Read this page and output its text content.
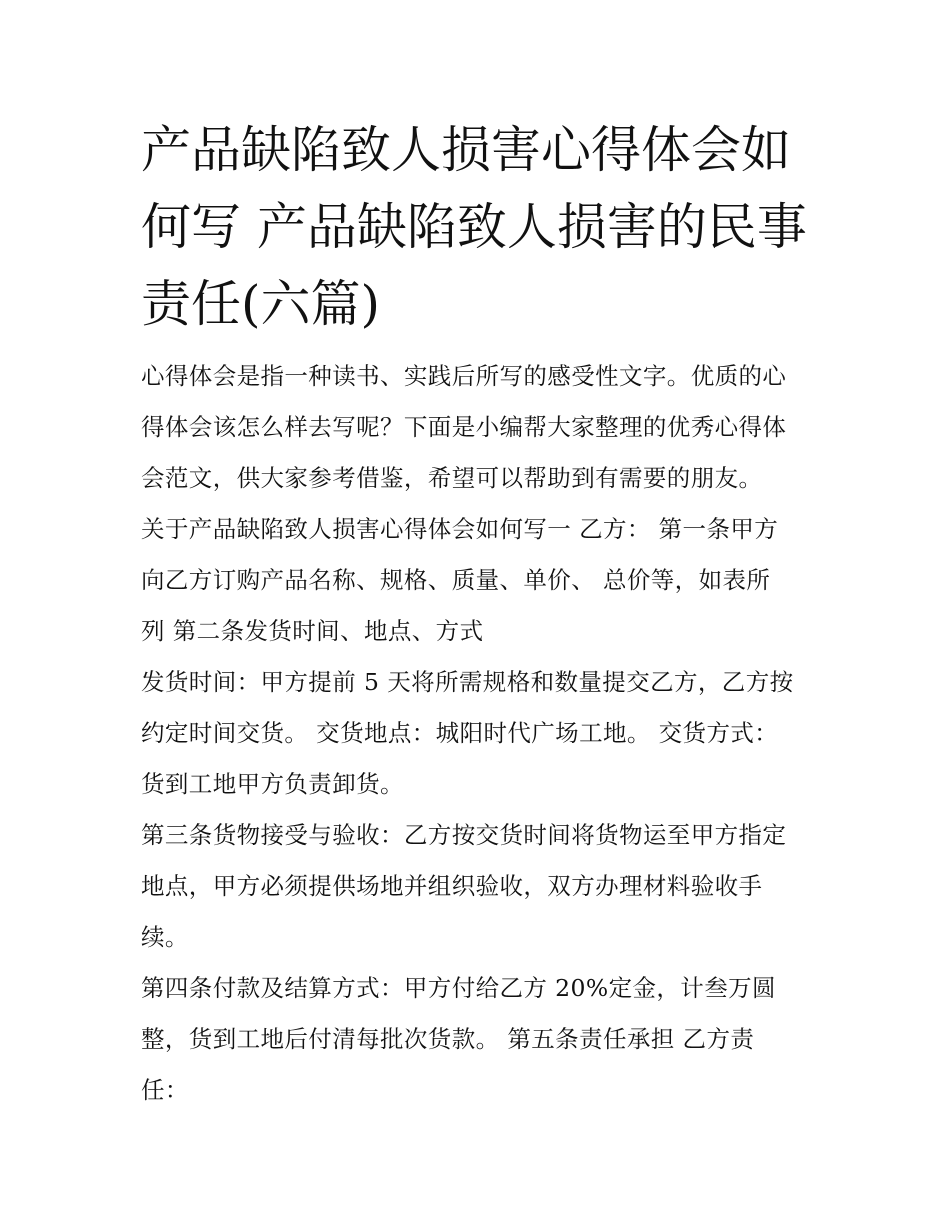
产品缺陷致人损害心得体会如
何写 产品缺陷致人损害的民事
责任(六篇)

心得体会是指一种读书、实践后所写的感受性文字。优质的心
得体会该怎么样去写呢？下面是小编帮大家整理的优秀心得体
会范文，供大家参考借鉴，希望可以帮助到有需要的朋友。

关于产品缺陷致人损害心得体会如何写一 乙方： 第一条甲方
向乙方订购产品名称、规格、质量、单价、 总价等，如表所
列 第二条发货时间、地点、方式

发货时间：甲方提前 5 天将所需规格和数量提交乙方，乙方按
约定时间交货。 交货地点：城阳时代广场工地。 交货方式：
货到工地甲方负责卸货。

第三条货物接受与验收：乙方按交货时间将货物运至甲方指定
地点，甲方必须提供场地并组织验收，双方办理材料验收手
续。

第四条付款及结算方式：甲方付给乙方 20%定金，计叁万圆
整，货到工地后付清每批次货款。 第五条责任承担 乙方责
任：
